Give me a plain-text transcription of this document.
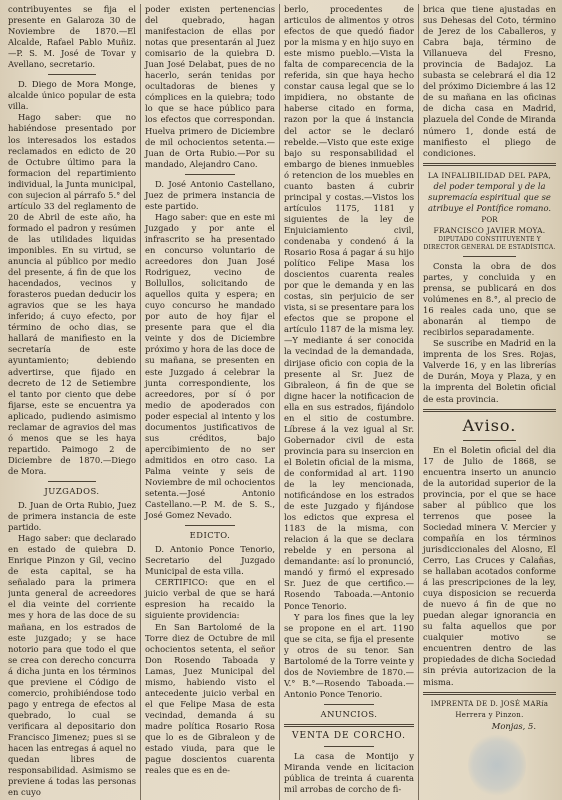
contribuyentes se fija el presente en Galaroza 30 de Noviembre de 1870.—El Alcalde, Rafael Pablo Muñiz.—P. S. M. José de Tovar y Avellano, secretario.

D. Diego de Mora Monge, alcalde único popular de esta villa.

Hago saber: que no habiéndose presentado por los interesados los estados reclamados en edicto de 20 de Octubre último para la formacion del repartimiento individual, la Junta municipal, con sujecion al párrafo 5.° del artículo 33 del reglamento de 20 de Abril de este año, ha formado el padron y resúmen de las utilidades liquidas imponibles. En su virtud, se anuncia al público por medio del presente, á fin de que los hacendados, vecinos y forasteros puedan deducir los agravios que se les haya inferido; á cuyo efecto, por término de ocho dias, se hallará de manifiesto en la secretaría de este ayuntamiento; debiendo advertirse, que fijado en decreto de 12 de Setiembre el tanto por ciento que debe fijarse, este se encuentra ya aplicado, pudiendo asimismo reclamar de agravios del mas ó menos que se les haya repartido. Paimogo 2 de Diciembre de 1870.—Diego de Mora.

JUZGADOS.

D. Juan de Orta Rubio, Juez de primera instancia de este partido.

Hago saber: que declarado en estado de quiebra D. Enrique Pinzon y Gil, vecino de esta capital, se ha señalado para la primera junta general de acreedores el dia veinte del corriente mes y hora de las doce de su mañana, en los estrados de este juzgado; y se hace notorio para que todo el que se crea con derecho concurra á dicha junta en los términos que previene el Código de comercio, prohibiéndose todo pago y entrega de efectos al quebrado, lo cual se verificara al depositario don Francisco Jimenez; pues si se hacen las entregas á aquel no quedan libres de responsabilidad. Asimismo se previene á todas las personas en cuyo

poder existen pertenencias del quebrado, hagan manifestacion de ellas por notas que presentarán al Juez comisario de la quiebra D. Juan José Delabat, pues de no hacerlo, serán tenidas por ocultadoras de bienes y cómplices en la quiebra; todo lo que se hace público para los efectos que correspondan. Huelva primero de Diciembre de mil ochocientos setenta.—Juan de Orta Rubio.—Por su mandado, Alejandro Cano.

D. José Antonio Castellano, Juez de primera instancia de este partido.

Hago saber: que en este mi Juzgado y por ante el infrascrito se ha presentado en concurso voluntario de acreedores don Juan José Rodriguez, vecino de Bollullos, solicitando de aquellos quita y espera; en cuyo concurso he mandado por auto de hoy fijar el presente para que el dia veinte y dos de Diciembre próximo y hora de las doce de su mañana, se presenten en este Juzgado á celebrar la junta correspondiente, los acreedores, por sí ó por medio de apoderados con poder especial al intento y los documentos justificativos de sus créditos, bajo apercibimiento de no ser admitidos en otro caso. La Palma veinte y seis de Noviembre de mil ochocientos setenta.—José Antonio Castellano.—P. M. de S. S., José Gomez Nevado.

EDICTO.

D. Antonio Ponce Tenorio, Secretario del Juzgado Municipal de esta villa.

CERTIFICO: que en el juicio verbal de que se hará espresion ha recaido la siguiente providencia:

En San Bartolomé de la Torre diez de Octubre de mil ochocientos setenta, el señor Don Rosendo Taboada y Lamas, Juez Municipal del mismo, habiendo visto el antecedente juicio verbal en el que Felipe Masa de esta vecindad, demanda á su madre política Rosario Rosa que lo es de Gibraleon y de estado viuda, para que le pague doscientos cuarenta reales que es en de-

berlo, procedentes de articulos de alimentos y otros efectos de que quedó fiador por la misma y en hijo suyo en este mismo pueblo.—Vista la falta de comparecencia de la referida, sin que haya hecho constar causa legal que se lo impidiera, no obstante de haberse citado en forma, razon por la que á instancia del actor se le declaró rebelde.—Visto que este exige bajo su responsabilidad el embargo de bienes inmuebles ó retencion de los muebles en cuanto basten á cubrir principal y costas.—Vistos los artículos 1175, 1181 y siguientes de la ley de Enjuiciamiento civil, condenaba y condenó á la Rosario Rosa á pagar á su hijo político Felipe Masa los doscientos cuarenta reales por que le demanda y en las costas, sin perjuicio de ser vista, si se presentare para los efectos que se propone el artículo 1187 de la misma ley.—Y mediante á ser conocida la vecindad de la demandada, dirijase oficio con copia de la presente al Sr. Juez de Gibraleon, á fin de que se digne hacer la notificacion de ella en sus estrados, fijándolo en el sitio de costumbre. Líbrese á la vez igual al Sr. Gobernador civil de esta provincia para su insercion en el Boletin oficial de la misma, de conformidad al art. 1190 de la ley mencionada, notificándose en los estrados de este Juzgado y fijándose los edictos que expresa el 1183 de la misma, con relacion á la que se declara rebelde y en persona al demandante: así lo pronunció, mandó y firmó el expresado Sr. Juez de que certifico.—Rosendo Taboada.—Antonio Ponce Tenorio.

Y para los fines que la ley se propone en el art. 1190 que se cita, se fija el presente y otros de su tenor. San Bartolomé de la Torre veinte y dos de Noviembre de 1870.—V.° B.°—Rosendo Taboada.—Antonio Ponce Tenorio.

ANUNCIOS.
VENTA DE CORCHO.

La casa de Montijo y Miranda vende en licitacion pública de treinta á cuarenta mil arrobas de corcho de fi-

brica que tiene ajustadas en sus Dehesas del Coto, término de Jerez de los Caballeros, y Cabra baja, término de Villanueva del Fresno, provincia de Badajoz. La subasta se celebrará el dia 12 del próximo Diciembre á las 12 de su mañana en las oficinas de dicha casa en Madrid, plazuela del Conde de Miranda número 1, donde está de manifiesto el pliego de condiciones.

LA INFALIBILIDAD DEL PAPA,

del poder temporal y de la supremacía espiritual que se atribuye el Pontífice romano.

POR

FRANCISCO JAVIER MOYA.

DIPUTADO CONSTITUYENTE Y DIRECTOR GENERAL DE ESTADÍSTICA.

Consta la obra de dos partes, y concluida y en prensa, se publicará en dos volúmenes en 8.°, al precio de 16 reales cada uno, que se abonarán al tiempo de recibirlos separadamente.

Se suscribe en Madrid en la imprenta de los Sres. Rojas, Valverde 16, y en las librerías de Durán, Moya y Plaza, y en la imprenta del Boletin oficial de esta provincia.

Aviso.

En el Boletin oficial del dia 17 de Julio de 1868, se encuentra inserto un anuncio de la autoridad superior de la provincia, por el que se hace saber al público que los terrenos que posee la Sociedad minera V. Mercier y compañía en los términos jurisdiccionales del Alosno, El Cerro, Las Cruces y Calañas, se hallaban acotados conforme á las prescripciones de la ley, cuya disposicion se recuerda de nuevo á fin de que no puedan alegar ignorancia en su falta aquellos que por cualquier motivo se encuentren dentro de las propiedades de dicha Sociedad sin prévia autorizacion de la misma.

IMPRENTA DE D. JOSÉ MARía Herrera y Pinzon.

Monjas, 5.
